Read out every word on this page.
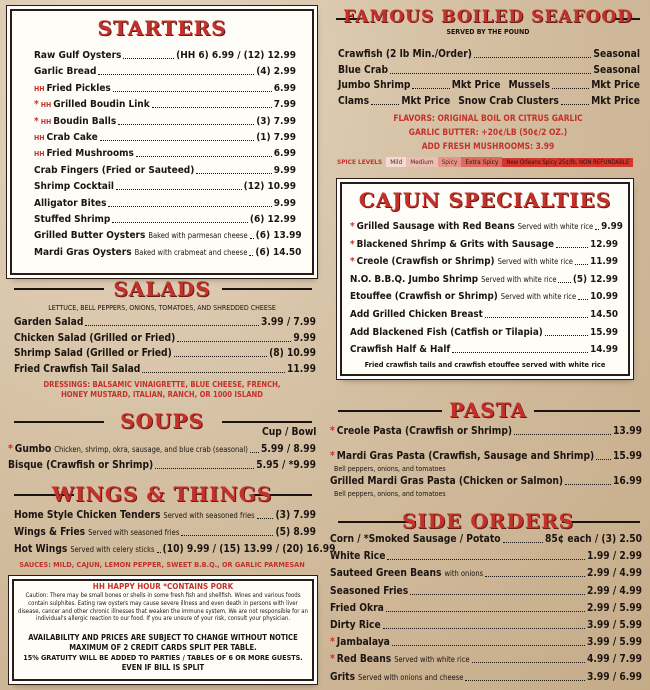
STARTERS
Raw Gulf Oysters	(HH 6) 6.99 / (12) 12.99
Garlic Bread	(4) 2.99
HH Fried Pickles	6.99
* HH Grilled Boudin Link	7.99
* HH Boudin Balls	(3) 7.99
HH Crab Cake	(1) 7.99
HH Fried Mushrooms	6.99
Crab Fingers (Fried or Sauteed)	9.99
Shrimp Cocktail	(12) 10.99
Alligator Bites	9.99
Stuffed Shrimp	(6) 12.99
Grilled Butter Oysters Baked with parmesan cheese (6) 13.99
Mardi Gras Oysters Baked with crabmeat and cheese (6) 14.50
SALADS
LETTUCE, BELL PEPPERS, ONIONS, TOMATOES, AND SHREDDED CHEESE
Garden Salad	3.99 / 7.99
Chicken Salad (Grilled or Fried)	9.99
Shrimp Salad (Grilled or Fried)	(8) 10.99
Fried Crawfish Tail Salad	11.99
DRESSINGS: BALSAMIC VINAIGRETTE, BLUE CHEESE, FRENCH, HONEY MUSTARD, ITALIAN, RANCH, OR 1000 ISLAND
SOUPS	Cup / Bowl
* Gumbo Chicken, shrimp, okra, sausage, and blue crab (seasonal) 5.99 / 8.99
Bisque (Crawfish or Shrimp)	5.95 / *9.99
WINGS & THINGS
Home Style Chicken Tenders Served with seasoned fries (3) 7.99
Wings & Fries Served with seasoned fries	(5) 8.99
Hot Wings Served with celery sticks (10) 9.99 / (15) 13.99 / (20) 16.99
SAUCES: MILD, CAJUN, LEMON PEPPER, SWEET B.B.Q., OR GARLIC PARMESAN
HH HAPPY HOUR *CONTAINS PORK
Caution: There may be small bones or shells in some fresh fish and shellfish. Wines and various foods contain sulphites. Eating raw oysters may cause severe illness and even death in persons with liver disease, cancer and other chronic illnesses that weaken the immune system. We are not responsible for an individual's allergic reaction to our food. If you are unsure of your risk, consult your physician.
AVAILABILITY AND PRICES ARE SUBJECT TO CHANGE WITHOUT NOTICE
MAXIMUM OF 2 CREDIT CARDS SPLIT PER TABLE.
15% GRATUITY WILL BE ADDED TO PARTIES / TABLES OF 6 OR MORE GUESTS.
EVEN IF BILL IS SPLIT
FAMOUS BOILED SEAFOOD
SERVED BY THE POUND
Crawfish (2 lb Min./Order)	Seasonal
Blue Crab	Seasonal
Jumbo Shrimp	Mkt Price Mussels	Mkt Price
Clams	Mkt Price Snow Crab Clusters	Mkt Price
FLAVORS: ORIGINAL BOIL OR CITRUS GARLIC
GARLIC BUTTER: +20¢/LB (50¢/2 OZ.)
ADD FRESH MUSHROOMS: 3.99
SPICE LEVELS	Mild	Medium	Spicy	Extra Spicy	New Orleans Spicy 25¢/lb. NON REFUNDABLE
CAJUN SPECIALTIES
* Grilled Sausage with Red Beans Served with white rice 9.99
* Blackened Shrimp & Grits with Sausage	12.99
* Creole (Crawfish or Shrimp) Served with white rice 11.99
N.O. B.B.Q. Jumbo Shrimp Served with white rice (5) 12.99
Etouffee (Crawfish or Shrimp) Served with white rice 10.99
Add Grilled Chicken Breast	14.50
Add Blackened Fish (Catfish or Tilapia)	15.99
Crawfish Half & Half	14.99
Fried crawfish tails and crawfish etouffee served with white rice
PASTA
* Creole Pasta (Crawfish or Shrimp)	13.99
* Mardi Gras Pasta (Crawfish, Sausage and Shrimp) 15.99
Bell peppers, onions, and tomatoes
Grilled Mardi Gras Pasta (Chicken or Salmon)	16.99
Bell peppers, onions, and tomatoes
SIDE ORDERS
Corn / *Smoked Sausage / Potato	85¢ each / (3) 2.50
White Rice	1.99 / 2.99
Sauteed Green Beans with onions	2.99 / 4.99
Seasoned Fries	2.99 / 4.99
Fried Okra	2.99 / 5.99
Dirty Rice	3.99 / 5.99
* Jambalaya	3.99 / 5.99
* Red Beans Served with white rice	4.99 / 7.99
Grits Served with onions and cheese	3.99 / 6.99
